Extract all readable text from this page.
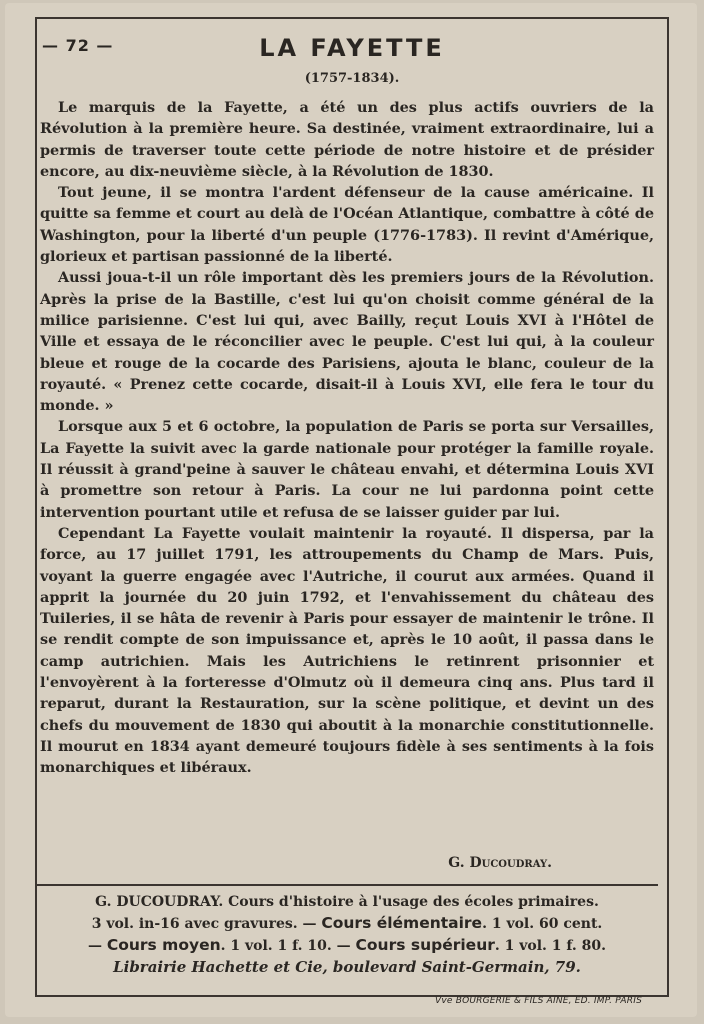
— 72 —	LA FAYETTE
(1757-1834).

Le marquis de la Fayette, a été un des plus actifs ouvriers de la Révolution à la première heure. Sa destinée, vraiment extraordinaire, lui a permis de traverser toute cette période de notre histoire et de présider encore, au dix-neuvième siècle, à la Révolution de 1830.

Tout jeune, il se montra l'ardent défenseur de la cause américaine. Il quitte sa femme et court au delà de l'Océan Atlantique, combattre à côté de Washington, pour la liberté d'un peuple (1776-1783). Il revint d'Amérique, glorieux et partisan passionné de la liberté.

Aussi joua-t-il un rôle important dès les premiers jours de la Révolution. Après la prise de la Bastille, c'est lui qu'on choisit comme général de la milice parisienne. C'est lui qui, avec Bailly, reçut Louis XVI à l'Hôtel de Ville et essaya de le réconcilier avec le peuple. C'est lui qui, à la couleur bleue et rouge de la cocarde des Parisiens, ajouta le blanc, couleur de la royauté. « Prenez cette cocarde, disait-il à Louis XVI, elle fera le tour du monde. »

Lorsque aux 5 et 6 octobre, la population de Paris se porta sur Versailles, La Fayette la suivit avec la garde nationale pour protéger la famille royale. Il réussit à grand'peine à sauver le château envahi, et détermina Louis XVI à promettre son retour à Paris. La cour ne lui pardonna point cette intervention pourtant utile et refusa de se laisser guider par lui.

Cependant La Fayette voulait maintenir la royauté. Il dispersa, par la force, au 17 juillet 1791, les attroupements du Champ de Mars. Puis, voyant la guerre engagée avec l'Autriche, il courut aux armées. Quand il apprit la journée du 20 juin 1792, et l'envahissement du château des Tuileries, il se hâta de revenir à Paris pour essayer de maintenir le trône. Il se rendit compte de son impuissance et, après le 10 août, il passa dans le camp autrichien. Mais les Autrichiens le retinrent prisonnier et l'envoyèrent à la forteresse d'Olmutz où il demeura cinq ans. Plus tard il reparut, durant la Restauration, sur la scène politique, et devint un des chefs du mouvement de 1830 qui aboutit à la monarchie constitutionnelle. Il mourut en 1834 ayant demeuré toujours fidèle à ses sentiments à la fois monarchiques et libéraux.

G. Ducoudray.
G. DUCOUDRAY. Cours d'histoire à l'usage des écoles primaires.
3 vol. in-16 avec gravures. — Cours élémentaire. 1 vol. 60 cent.
— Cours moyen. 1 vol. 1 f. 10. — Cours supérieur. 1 vol. 1 f. 80.
Librairie Hachette et Cie, boulevard Saint-Germain, 79.
Vve BOURGERIE & FILS AINE, ED. IMP. PARIS
